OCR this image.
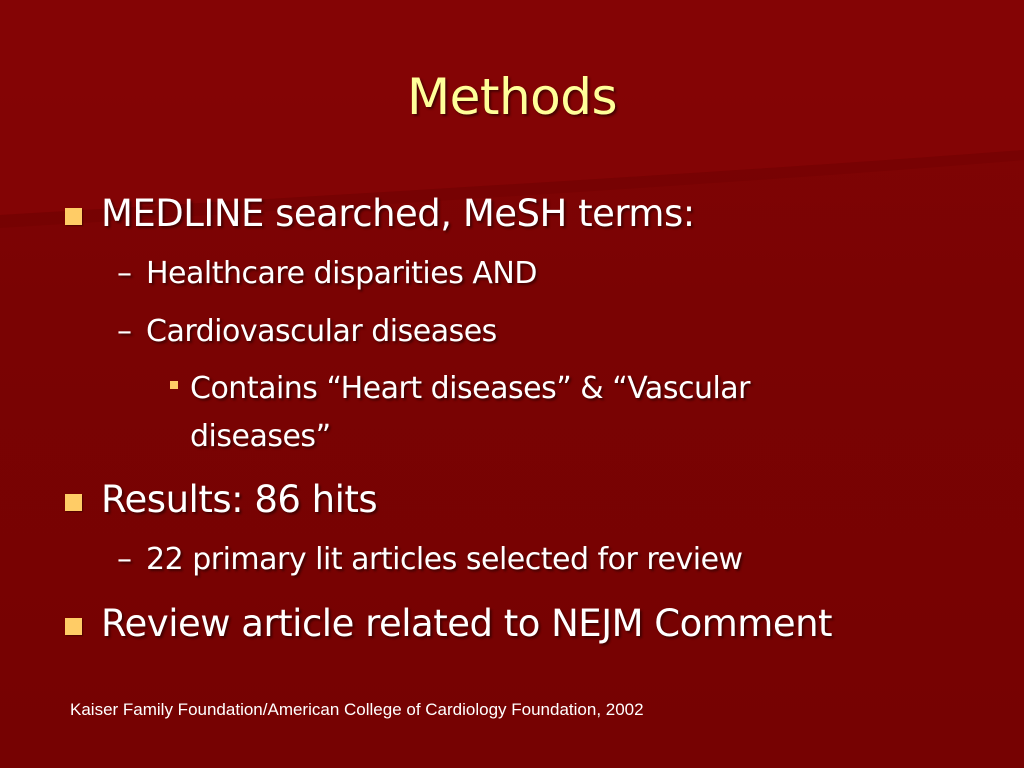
Methods
MEDLINE searched, MeSH terms:
– Healthcare disparities AND
– Cardiovascular diseases
Contains “Heart diseases” & “Vascular
diseases”
Results: 86 hits
– 22 primary lit articles selected for review
Review article related to NEJM Comment
Kaiser Family Foundation/American College of Cardiology Foundation, 2002
